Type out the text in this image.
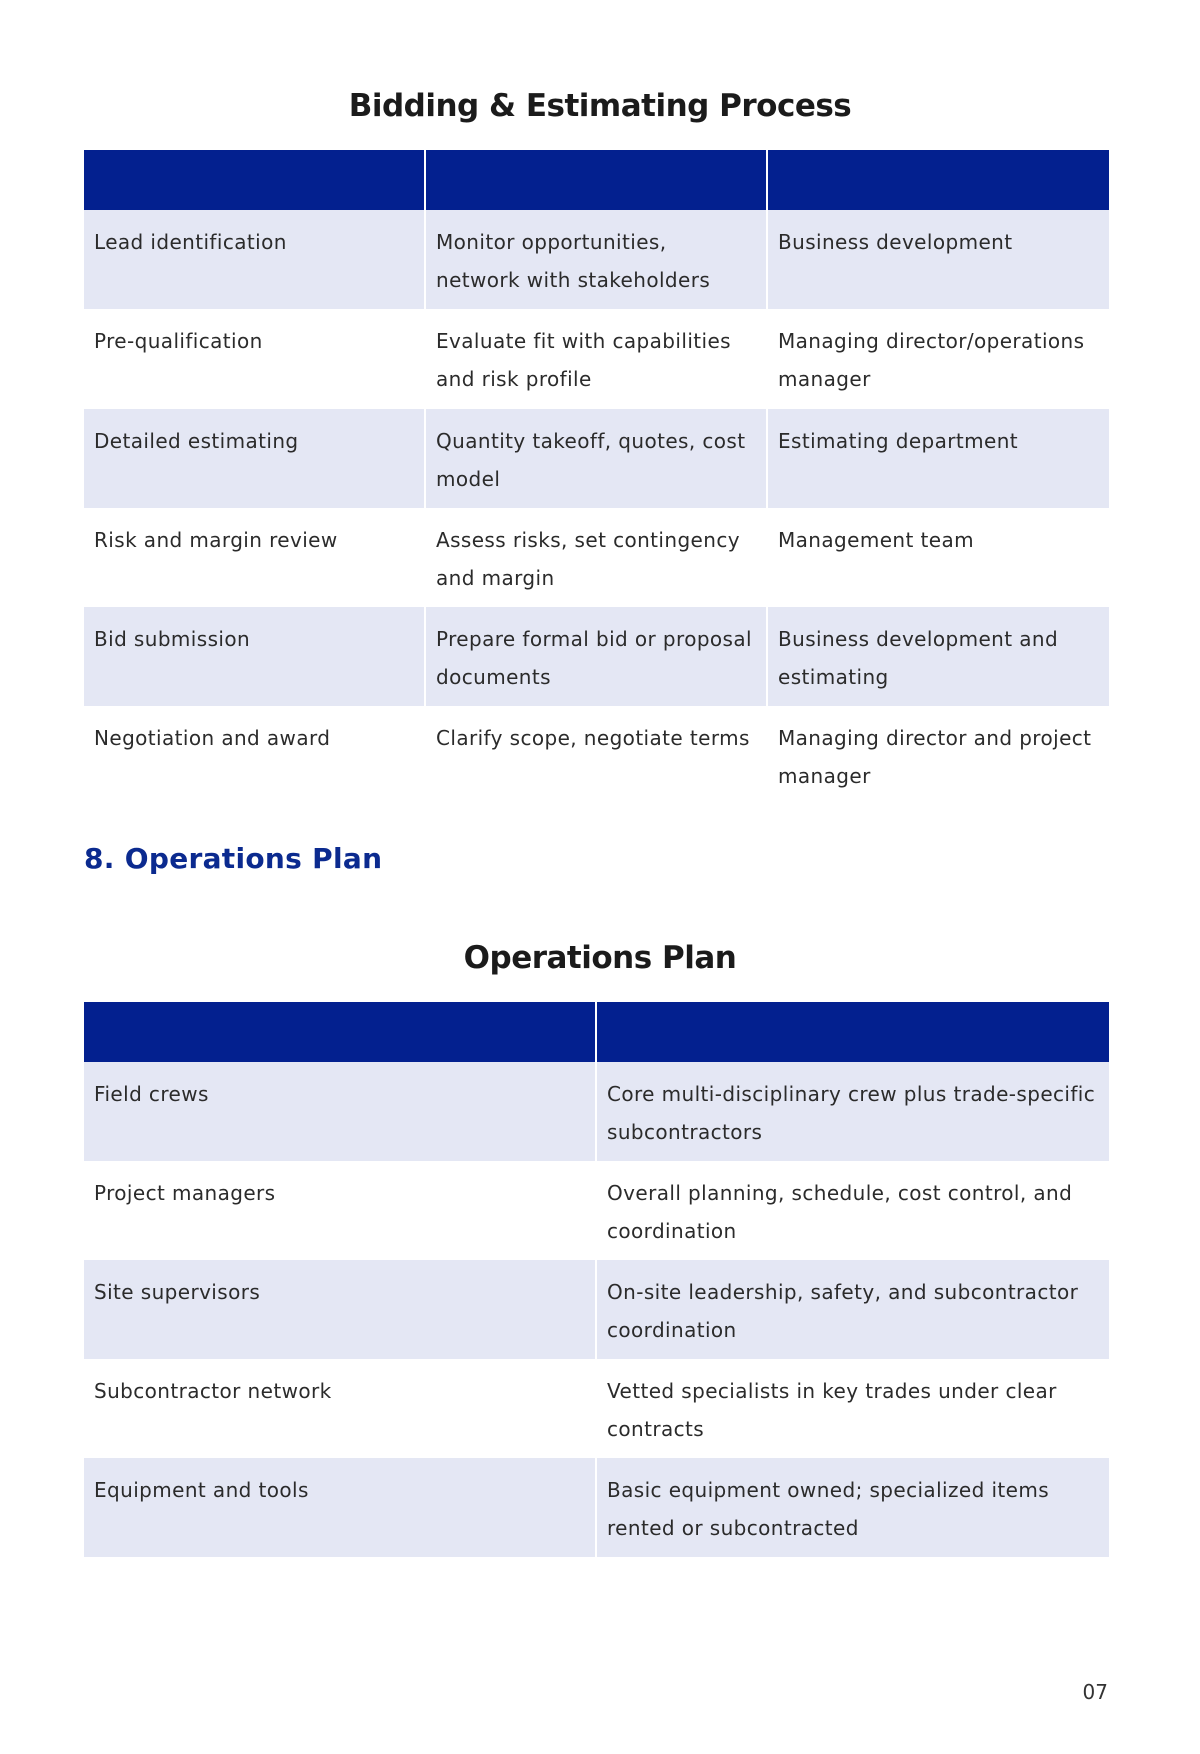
Bidding & Estimating Process

Lead identification	Monitor opportunities, network with stakeholders	Business development
Pre-qualification	Evaluate fit with capabilities and risk profile	Managing director/operations manager
Detailed estimating	Quantity takeoff, quotes, cost model	Estimating department
Risk and margin review	Assess risks, set contingency and margin	Management team
Bid submission	Prepare formal bid or proposal documents	Business development and estimating
Negotiation and award	Clarify scope, negotiate terms	Managing director and project manager
8. Operations Plan
Operations Plan

Field crews	Core multi-disciplinary crew plus trade-specific subcontractors
Project managers	Overall planning, schedule, cost control, and coordination
Site supervisors	On-site leadership, safety, and subcontractor coordination
Subcontractor network	Vetted specialists in key trades under clear contracts
Equipment and tools	Basic equipment owned; specialized items rented or subcontracted
07
